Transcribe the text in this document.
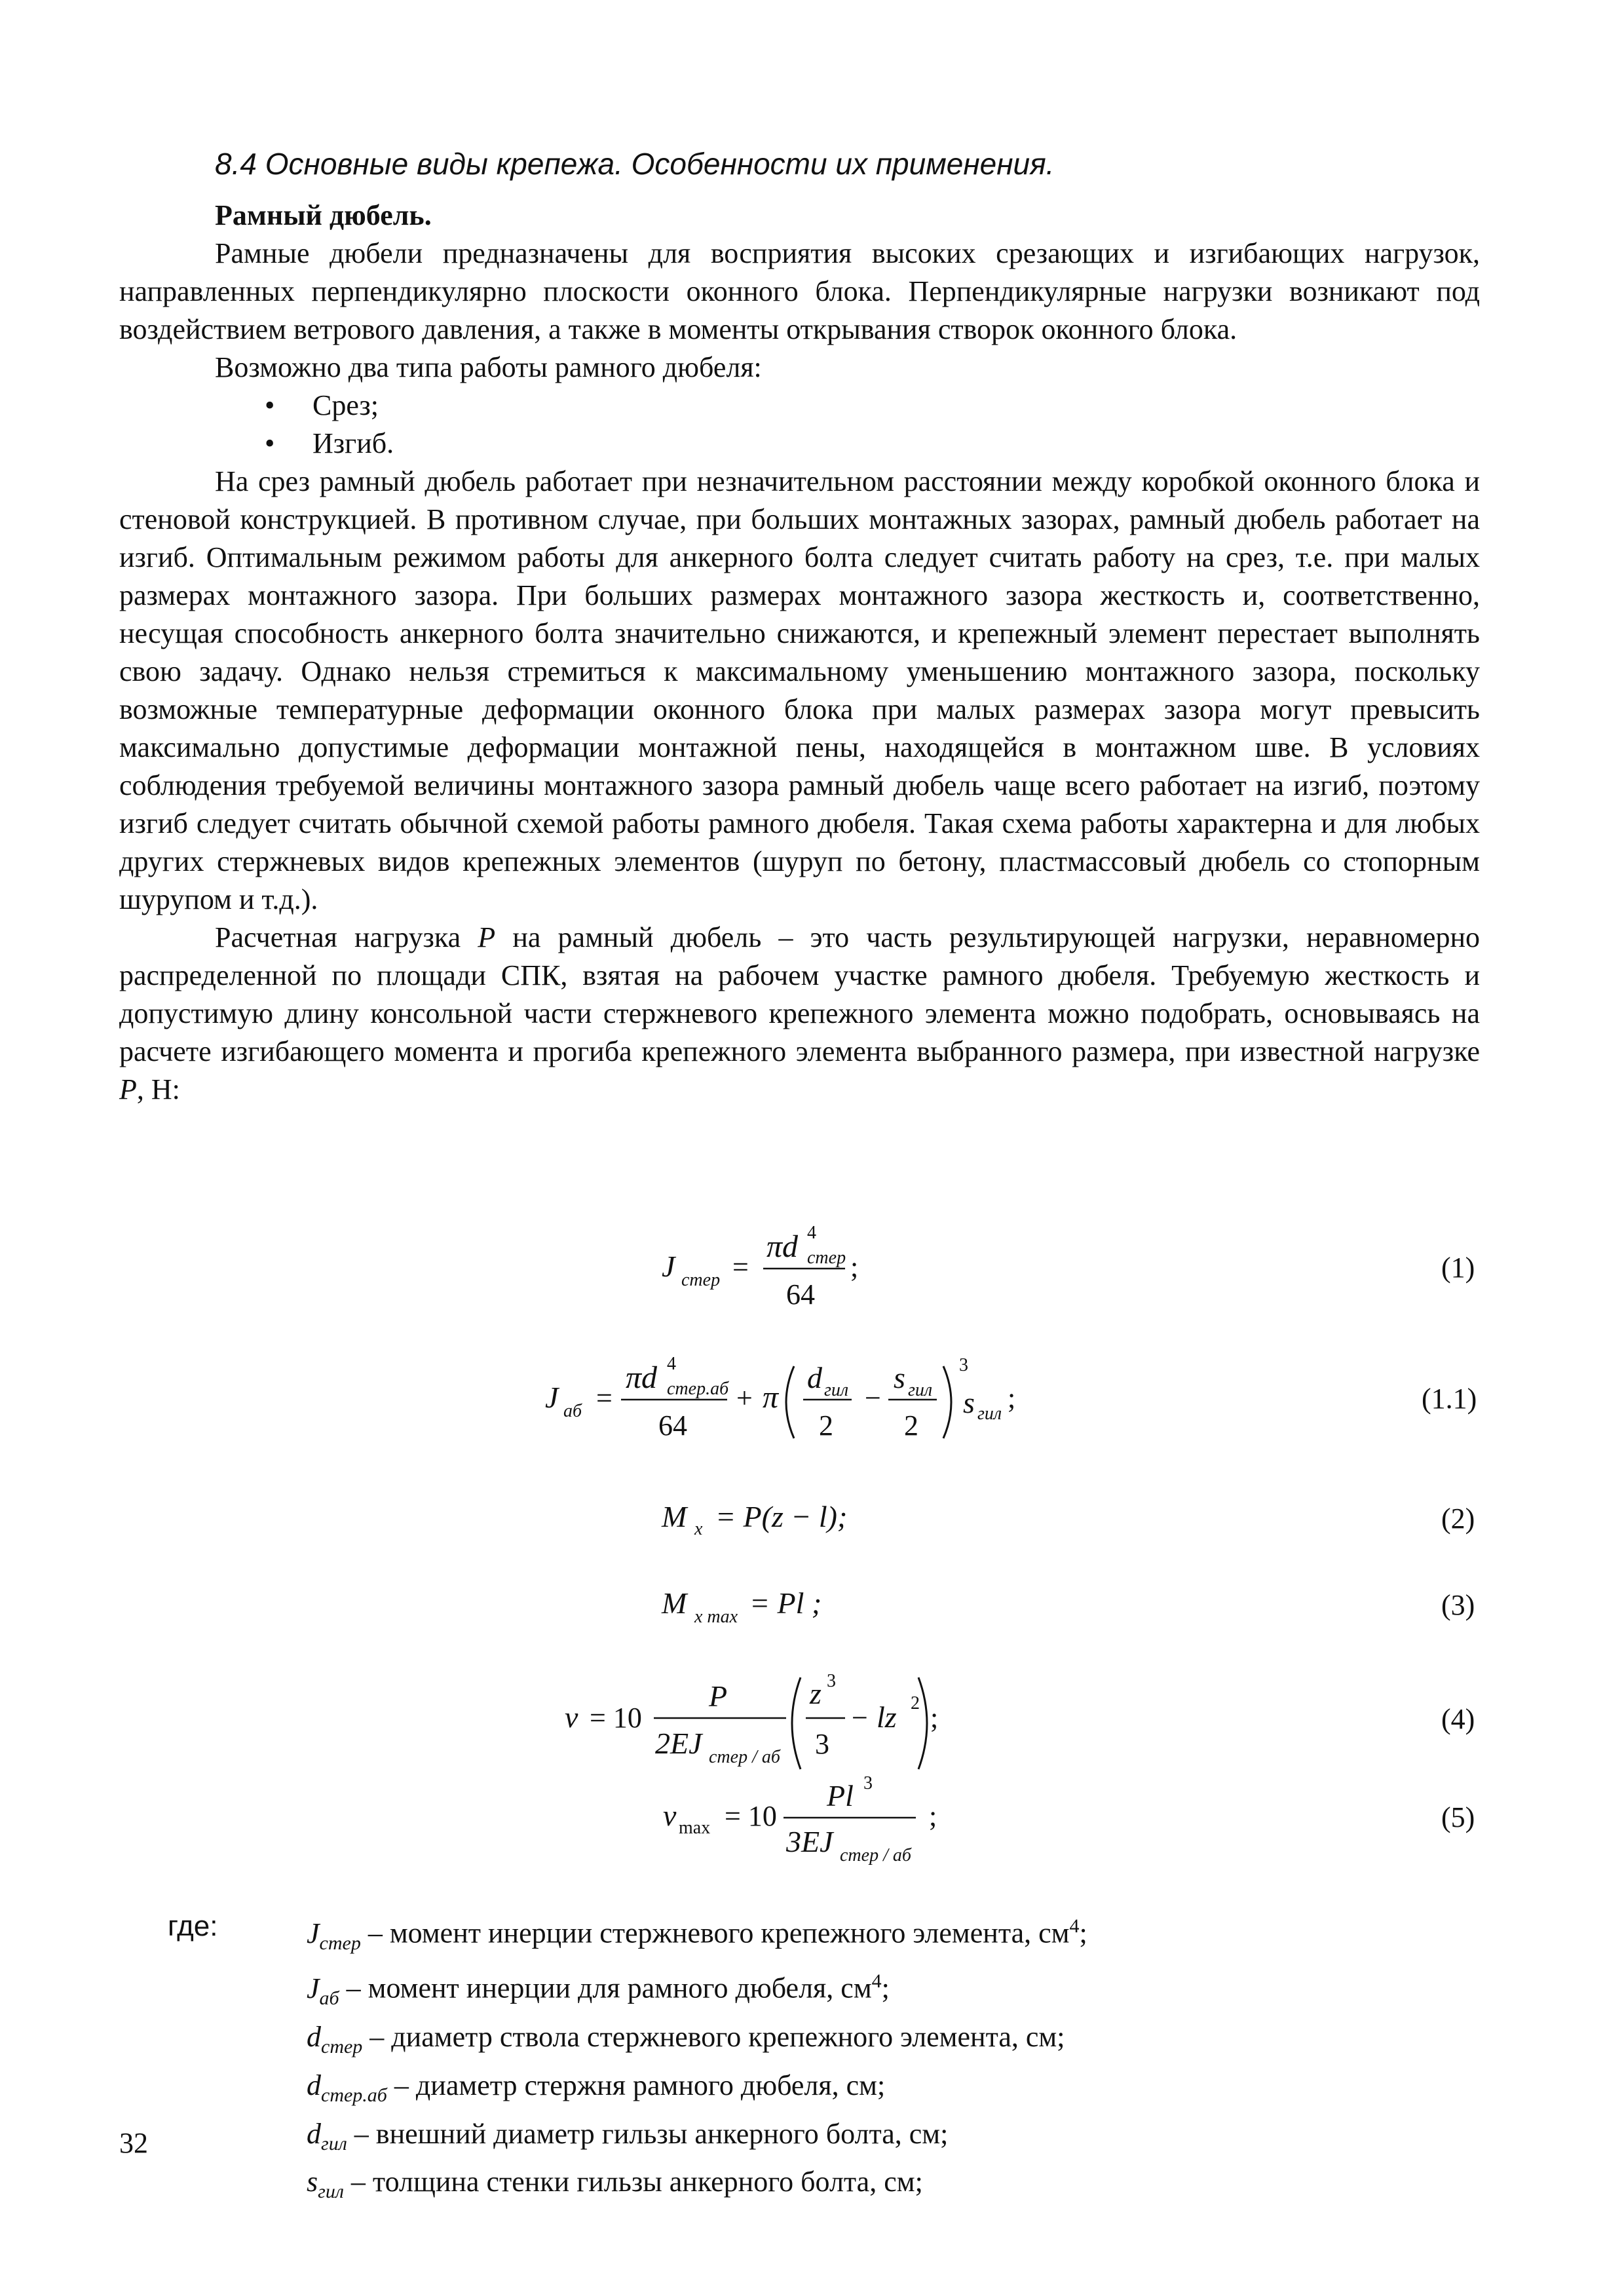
8.4 Основные виды крепежа. Особенности их применения.

Рамный дюбель.

Рамные дюбели предназначены для восприятия высоких срезающих и изгибающих нагрузок, направленных перпендикулярно плоскости оконного блока. Перпендикулярные нагрузки возникают под воздействием ветрового давления, а также в моменты открывания створок оконного блока.

Возможно два типа работы рамного дюбеля:

• Срез;
• Изгиб.

На срез рамный дюбель работает при незначительном расстоянии между коробкой оконного блока и стеновой конструкцией. В противном случае, при больших монтажных зазорах, рамный дюбель работает на изгиб. Оптимальным режимом работы для анкерного болта следует считать работу на срез, т.е. при малых размерах монтажного зазора. При больших размерах монтажного зазора жесткость и, соответственно, несущая способность анкерного болта значительно снижаются, и крепежный элемент перестает выполнять свою задачу. Однако нельзя стремиться к максимальному уменьшению монтажного зазора, поскольку возможные температурные деформации оконного блока при малых размерах зазора могут превысить максимально допустимые деформации монтажной пены, находящейся в монтажном шве. В условиях соблюдения требуемой величины монтажного зазора рамный дюбель чаще всего работает на изгиб, поэтому изгиб следует считать обычной схемой работы рамного дюбеля. Такая схема работы характерна и для любых других стержневых видов крепежных элементов (шуруп по бетону, пластмассовый дюбель со стопорным шурупом и т.д.).

Расчетная нагрузка P на рамный дюбель – это часть результирующей нагрузки, неравномерно распределенной по площади СПК, взятая на рабочем участке рамного дюбеля. Требуемую жесткость и допустимую длину консольной части стержневого крепежного элемента можно подобрать, основываясь на расчете изгибающего момента и прогиба крепежного элемента выбранного размера, при известной нагрузке P, Н:

J стер =
πd 4
стер
64
;
J аб =
πd 4
стер.аб
64
+ π
d гил
2
−
s гил
2
3
s гил ;
M x = P(z − l);
M x max = Pl ;
v = 10
P
2EJ стер / аб
z 3
3
− lz 2 ;
v max = 10
Pl 3
3EJ стер / аб
;
(1)
(1.1)
(2)
(3)
(4)
(5)
где:	$J_{стер}$ – момент инерции стержневого крепежного элемента, $см^4$;
$J_{аб}$ – момент инерции для рамного дюбеля, $см^4$;
$d_{стер}$ – диаметр ствола стержневого крепежного элемента, см;
$d_{стер.аб}$ – диаметр стержня рамного дюбеля, см;
$d_{гил}$ – внешний диаметр гильзы анкерного болта, см;
$s_{гил}$ – толщина стенки гильзы анкерного болта, см;
32
